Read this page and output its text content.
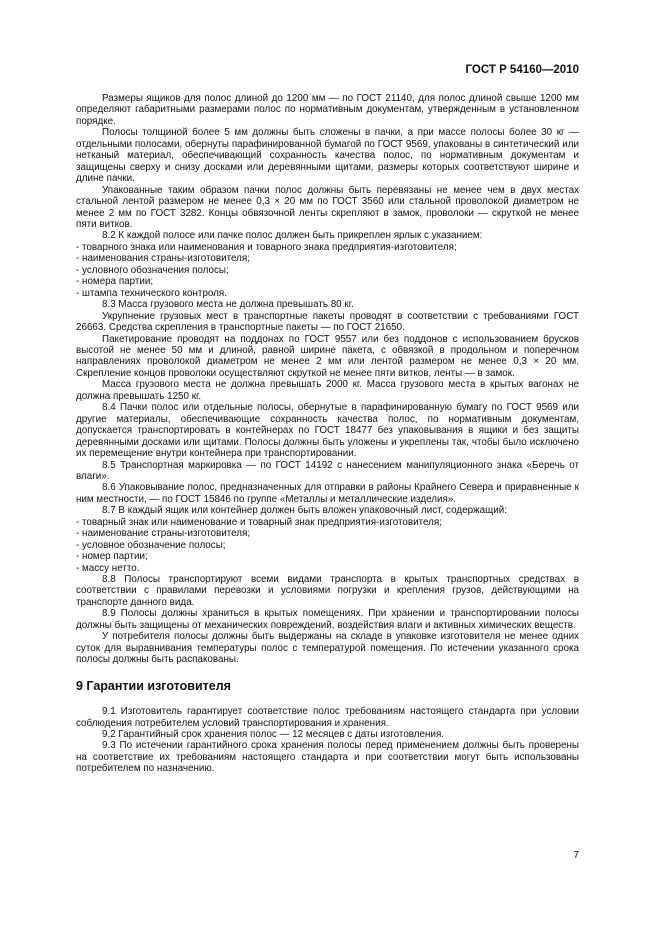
ГОСТ Р 54160—2010

Размеры ящиков для полос длиной до 1200 мм — по ГОСТ 21140, для полос длиной свыше 1200 мм определяют габаритными размерами полос по нормативным документам, утвержденным в установленном порядке.

Полосы толщиной более 5 мм должны быть сложены в пачки, а при массе полосы более 30 кг — отдельными полосами, обернуты парафинированной бумагой по ГОСТ 9569, упакованы в синтетический или нетканый материал, обеспечивающий сохранность качества полос, по нормативным документам и защищены сверху и снизу досками или деревянными щитами, размеры которых соответствуют ширине и длине пачки.

Упакованные таким образом пачки полос должны быть перевязаны не менее чем в двух местах стальной лентой размером не менее 0,3 × 20 мм по ГОСТ 3560 или стальной проволокой диаметром не менее 2 мм по ГОСТ 3282. Концы обвязочной ленты скрепляют в замок, проволоки — скруткой не менее пяти витков.

8.2 К каждой полосе или пачке полос должен быть прикреплен ярлык с указанием:

- товарного знака или наименования и товарного знака предприятия-изготовителя;

- наименования страны-изготовителя;

- условного обозначения полосы;

- номера партии;

- штампа технического контроля.

8.3 Масса грузового места не должна превышать 80 кг.

Укрупнение грузовых мест в транспортные пакеты проводят в соответствии с требованиями ГОСТ 26663. Средства скрепления в транспортные пакеты — по ГОСТ 21650.

Пакетирование проводят на поддонах по ГОСТ 9557 или без поддонов с использованием брусков высотой не менее 50 мм и длиной, равной ширине пакета, с обвязкой в продольном и поперечном направлениях проволокой диаметром не менее 2 мм или лентой размером не менее 0,3 × 20 мм. Скрепление концов проволоки осуществляют скруткой не менее пяти витков, ленты — в замок.

Масса грузового места не должна превышать 2000 кг. Масса грузового места в крытых вагонах не должна превышать 1250 кг.

8.4 Пачки полос или отдельные полосы, обернутые в парафинированную бумагу по ГОСТ 9569 или другие материалы, обеспечивающие сохранность качества полос, по нормативным документам, допускается транспортировать в контейнерах по ГОСТ 18477 без упаковывания в ящики и без защиты деревянными досками или щитами. Полосы должны быть уложены и укреплены так, чтобы было исключено их перемещение внутри контейнера при транспортировании.

8.5 Транспортная маркировка — по ГОСТ 14192 с нанесением манипуляционного знака «Беречь от влаги».

8.6 Упаковывание полос, предназначенных для отправки в районы Крайнего Севера и приравненные к ним местности, — по ГОСТ 15846 по группе «Металлы и металлические изделия».

8.7 В каждый ящик или контейнер должен быть вложен упаковочный лист, содержащий:

- товарный знак или наименование и товарный знак предприятия-изготовителя;

- наименование страны-изготовителя;

- условное обозначение полосы;

- номер партии;

- массу нетто.

8.8 Полосы транспортируют всеми видами транспорта в крытых транспортных средствах в соответствии с правилами перевозки и условиями погрузки и крепления грузов, действующими на транспорте данного вида.

8.9 Полосы должны храниться в крытых помещениях. При хранении и транспортировании полосы должны быть защищены от механических повреждений, воздействия влаги и активных химических веществ.

У потребителя полосы должны быть выдержаны на складе в упаковке изготовителя не менее одних суток для выравнивания температуры полос с температурой помещения. По истечении указанного срока полосы должны быть распакованы.

9 Гарантии изготовителя

9.1 Изготовитель гарантирует соответствие полос требованиям настоящего стандарта при условии соблюдения потребителем условий транспортирования и хранения.

9.2 Гарантийный срок хранения полос — 12 месяцев с даты изготовления.

9.3 По истечении гарантийного срока хранения полосы перед применением должны быть проверены на соответствие их требованиям настоящего стандарта и при соответствии могут быть использованы потребителем по назначению.

7
